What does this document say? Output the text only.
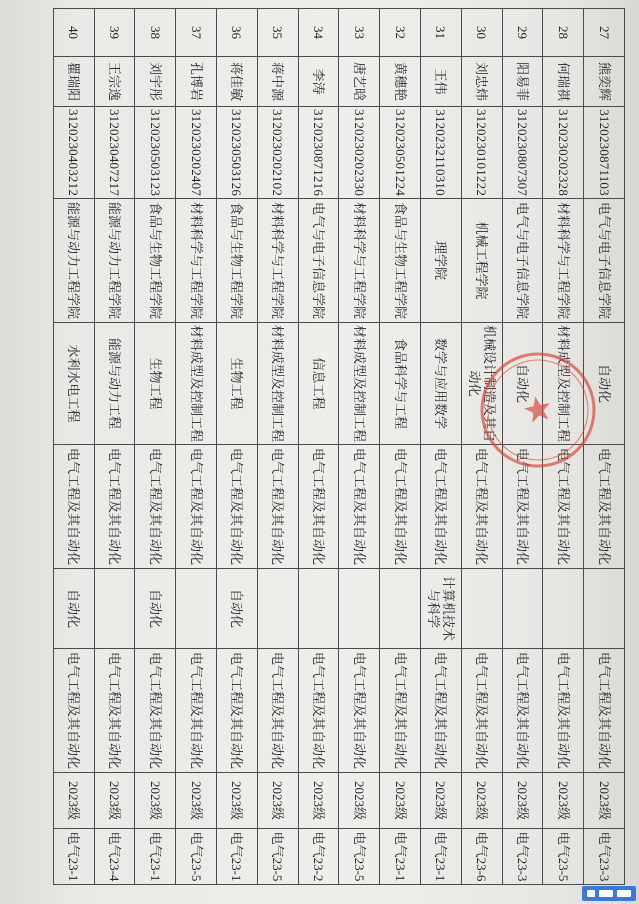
27
熊奕辉
3120230871103
电气与电子信息学院
自动化
电气工程及其自动化
电气工程及其自动化
2023级
电气23-3
28
何瑞祺
3120230202328
材料科学与工程学院
材料成型及控制工程
电气工程及其自动化
电气工程及其自动化
2023级
电气23-5
29
阳易菲
3120230807307
电气与电子信息学院
自动化
电气工程及其自动化
电气工程及其自动化
2023级
电气23-3
30
刘忠炜
3120230101222
机械工程学院
机械设计制造及其自动化
电气工程及其自动化
电气工程及其自动化
2023级
电气23-6
31
王伟
3120232110310
理学院
数学与应用数学
电气工程及其自动化
计算机技术与科学
电气工程及其自动化
2023级
电气23-1
32
黄穗艳
3120230501224
食品与生物工程学院
食品科学与工程
电气工程及其自动化
电气工程及其自动化
2023级
电气23-1
33
唐艺晗
3120230202330
材料科学与工程学院
材料成型及控制工程
电气工程及其自动化
电气工程及其自动化
2023级
电气23-5
34
李涛
3120230871216
电气与电子信息学院
信息工程
电气工程及其自动化
电气工程及其自动化
2023级
电气23-2
35
蒋中源
3120230202102
材料科学与工程学院
材料成型及控制工程
电气工程及其自动化
电气工程及其自动化
2023级
电气23-5
36
蒋佳敏
3120230503126
食品与生物工程学院
生物工程
电气工程及其自动化
自动化
电气工程及其自动化
2023级
电气23-1
37
孔博岩
3120230202407
材料科学与工程学院
材料成型及控制工程
电气工程及其自动化
电气工程及其自动化
2023级
电气23-5
38
刘宇彤
3120230503123
食品与生物工程学院
生物工程
电气工程及其自动化
自动化
电气工程及其自动化
2023级
电气23-1
39
王宗逸
3120230407217
能源与动力工程学院
能源与动力工程
电气工程及其自动化
电气工程及其自动化
2023级
电气23-4
40
瞿瑞阳
3120230403212
能源与动力工程学院
水利水电工程
电气工程及其自动化
自动化
电气工程及其自动化
2023级
电气23-1
